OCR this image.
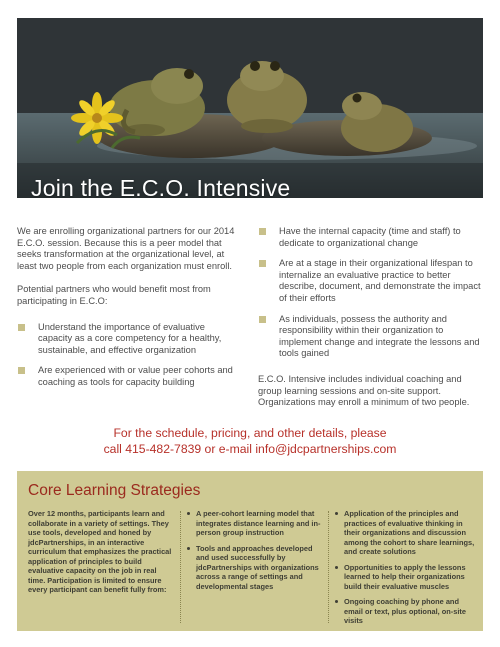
Join the E.C.O. Intensive

We are enrolling organizational partners for our 2014 E.C.O. session. Because this is a peer model that seeks transformation at the organizational level, at least two people from each organization must enroll.

Potential partners who would benefit most from participating in E.C.O:

Understand the importance of evaluative capacity as a core competency for a healthy, sustainable, and effective organization
Are experienced with or value peer cohorts and coaching as tools for capacity building
Have the internal capacity (time and staff) to dedicate to organizational change
Are at a stage in their organizational lifespan to internalize an evaluative practice to better describe, document, and demonstrate the impact of their efforts
As individuals, possess the authority and responsibility within their organization to implement change and integrate the lessons and tools gained

E.C.O. Intensive includes individual coaching and group learning sessions and on-site support. Organizations may enroll a minimum of two people.

For the schedule, pricing, and other details, please
call 415-482-7839 or e-mail info@jdcpartnerships.com
Core Learning Strategies
Over 12 months, participants learn and collaborate in a variety of settings. They use tools, developed and honed by jdcPartnerships, in an interactive curriculum that emphasizes the practical application of principles to build evaluative capacity on the job in real time. Participation is limited to ensure every participant can benefit fully from:
A peer-cohort learning model that integrates distance learning and in-person group instruction
Tools and approaches developed and used successfully by jdcPartnerships with organizations across a range of settings and developmental stages
Application of the principles and practices of evaluative thinking in their organizations and discussion among the cohort to share learnings, and create solutions
Opportunities to apply the lessons learned to help their organizations build their evaluative muscles
Ongoing coaching by phone and email or text, plus optional, on-site visits
